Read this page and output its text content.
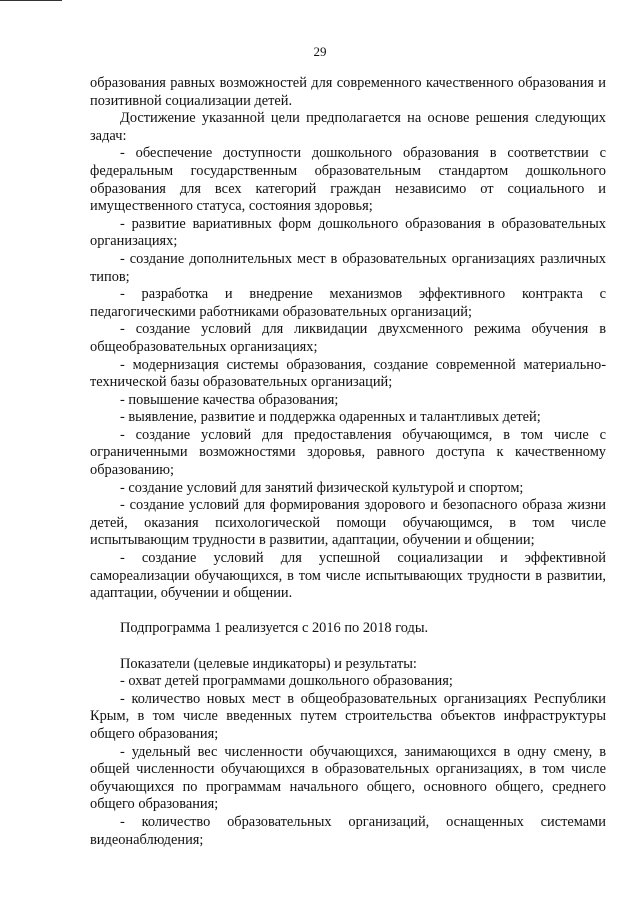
29

образования равных возможностей для современного качественного образования и позитивной социализации детей.

Достижение указанной цели предполагается на основе решения следующих задач:

- обеспечение доступности дошкольного образования в соответствии с федеральным государственным образовательным стандартом дошкольного образования для всех категорий граждан независимо от социального и имущественного статуса, состояния здоровья;

- развитие вариативных форм дошкольного образования в образовательных организациях;

- создание дополнительных мест в образовательных организациях различных типов;

- разработка и внедрение механизмов эффективного контракта с педагогическими работниками образовательных организаций;

- создание условий для ликвидации двухсменного режима обучения в общеобразовательных организациях;

- модернизация системы образования, создание современной материально-технической базы образовательных организаций;

- повышение качества образования;

- выявление, развитие и поддержка одаренных и талантливых детей;

- создание условий для предоставления обучающимся, в том числе с ограниченными возможностями здоровья, равного доступа к качественному образованию;

- создание условий для занятий физической культурой и спортом;

- создание условий для формирования здорового и безопасного образа жизни детей, оказания психологической помощи обучающимся, в том числе испытывающим трудности в развитии, адаптации, обучении и общении;

- создание условий для успешной социализации и эффективной самореализации обучающихся, в том числе испытывающих трудности в развитии, адаптации, обучении и общении.

Подпрограмма 1 реализуется с 2016 по 2018 годы.

Показатели (целевые индикаторы) и результаты:

- охват детей программами дошкольного образования;

- количество новых мест в общеобразовательных организациях Республики Крым, в том числе введенных путем строительства объектов инфраструктуры общего образования;

- удельный вес численности обучающихся, занимающихся в одну смену, в общей численности обучающихся в образовательных организациях, в том числе обучающихся по программам начального общего, основного общего, среднего общего образования;

- количество образовательных организаций, оснащенных системами видеонаблюдения;
